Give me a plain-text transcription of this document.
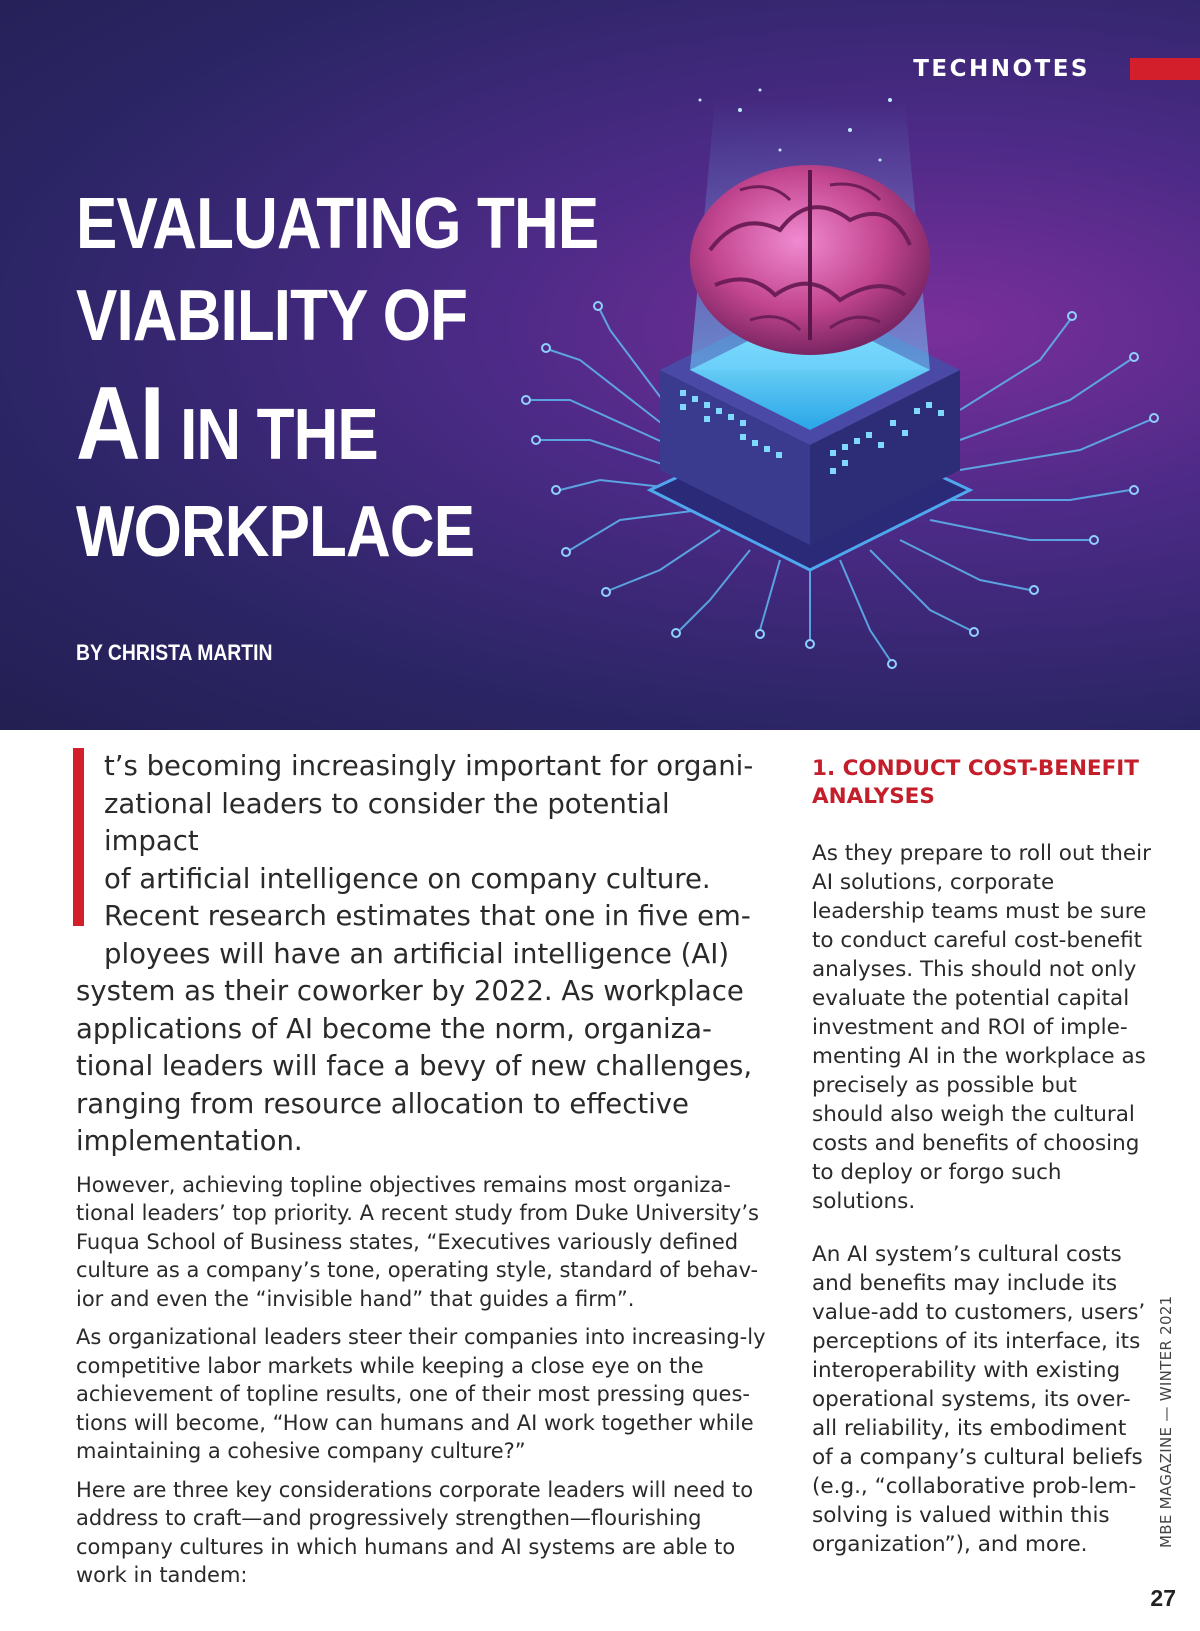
TECHNOTES
EVALUATING THE
VIABILITY OF
AI IN THE
WORKPLACE
BY CHRISTA MARTIN

t’s becoming increasingly important for organi-
zational leaders to consider the potential impact
of artificial intelligence on company culture.
Recent research estimates that one in five em-
ployees will have an artificial intelligence (AI)
system as their coworker by 2022. As workplace
applications of AI become the norm, organiza-
tional leaders will face a bevy of new challenges,
ranging from resource allocation to effective
implementation.

However, achieving topline objectives remains most organiza-tional leaders’ top priority. A recent study from Duke University’s Fuqua School of Business states, “Executives variously defined culture as a company’s tone, operating style, standard of behav-ior and even the “invisible hand” that guides a firm”.

As organizational leaders steer their companies into increasing-ly competitive labor markets while keeping a close eye on the achievement of topline results, one of their most pressing ques-tions will become, “How can humans and AI work together while maintaining a cohesive company culture?”

Here are three key considerations corporate leaders will need to address to craft—and progressively strengthen—flourishing company cultures in which humans and AI systems are able to work in tandem:

1. CONDUCT COST-BENEFIT ANALYSES

As they prepare to roll out their AI solutions, corporate leadership teams must be sure to conduct careful cost-benefit analyses. This should not only evaluate the potential capital investment and ROI of imple-menting AI in the workplace as precisely as possible but should also weigh the cultural costs and benefits of choosing to deploy or forgo such solutions.

An AI system’s cultural costs and benefits may include its value-add to customers, users’ perceptions of its interface, its interoperability with existing operational systems, its over-all reliability, its embodiment of a company’s cultural beliefs (e.g., “collaborative prob-lem-solving is valued within this organization”), and more.	MBE MAGAZINE — WINTER 2021
27
